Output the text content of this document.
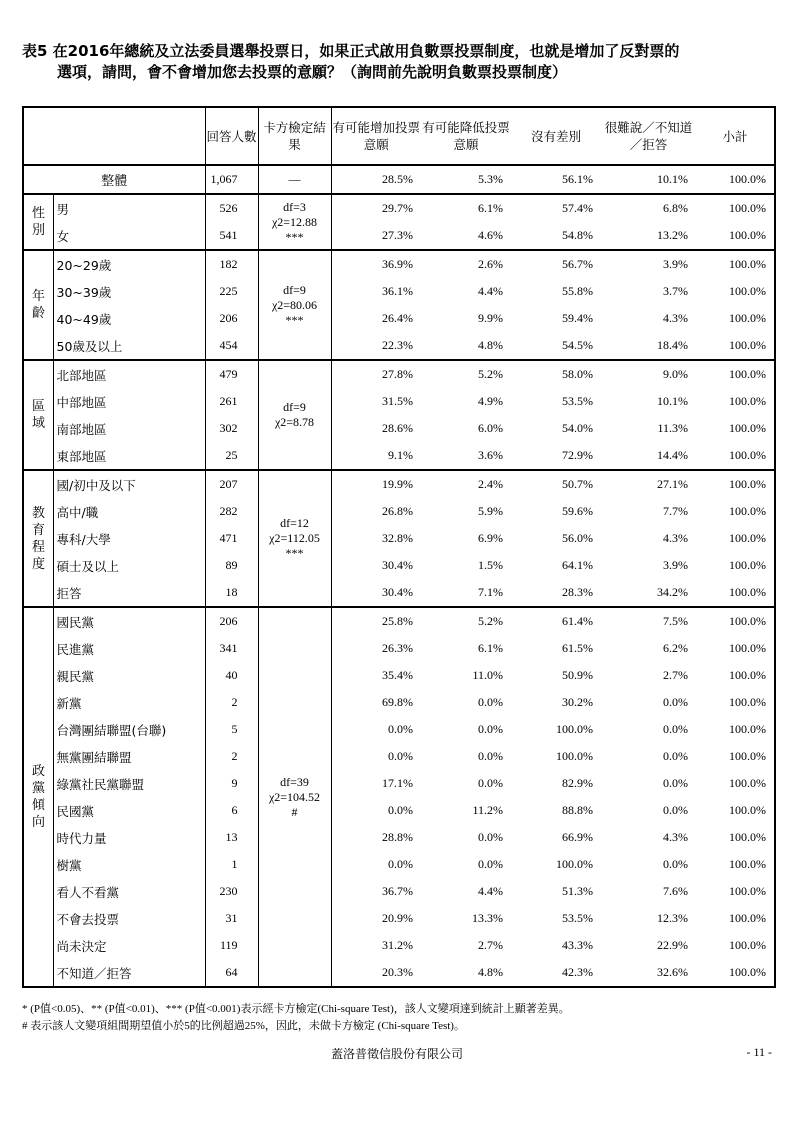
表5 在2016年總統及立法委員選舉投票日，如果正式啟用負數票投票制度，也就是增加了反對票的
選項，請問，會不會增加您去投票的意願？（詢問前先說明負數票投票制度）
		回答人數	卡方檢定結果	有可能增加投票意願	有可能降低投票意願	沒有差別	很難說／不知道／拒答	小計
整體		1,067	—	28.5%	5.3%	56.1%	10.1%	100.0%
性別	男	526	df=3
χ2=12.88
***	29.7%	6.1%	57.4%	6.8%	100.0%
	女	541		27.3%	4.6%	54.8%	13.2%	100.0%
年齡	20~29歲	182	df=9
χ2=80.06
***	36.9%	2.6%	56.7%	3.9%	100.0%
	30~39歲	225		36.1%	4.4%	55.8%	3.7%	100.0%
	40~49歲	206		26.4%	9.9%	59.4%	4.3%	100.0%
	50歲及以上	454		22.3%	4.8%	54.5%	18.4%	100.0%
區域	北部地區	479	df=9
χ2=8.78	27.8%	5.2%	58.0%	9.0%	100.0%
	中部地區	261		31.5%	4.9%	53.5%	10.1%	100.0%
	南部地區	302		28.6%	6.0%	54.0%	11.3%	100.0%
	東部地區	25		9.1%	3.6%	72.9%	14.4%	100.0%
教育程度	國/初中及以下	207	df=12
χ2=112.05
***	19.9%	2.4%	50.7%	27.1%	100.0%
	高中/職	282		26.8%	5.9%	59.6%	7.7%	100.0%
	專科/大學	471		32.8%	6.9%	56.0%	4.3%	100.0%
	碩士及以上	89		30.4%	1.5%	64.1%	3.9%	100.0%
	拒答	18		30.4%	7.1%	28.3%	34.2%	100.0%
政黨傾向	國民黨	206	df=39
χ2=104.52
#	25.8%	5.2%	61.4%	7.5%	100.0%
	民進黨	341		26.3%	6.1%	61.5%	6.2%	100.0%
	親民黨	40		35.4%	11.0%	50.9%	2.7%	100.0%
	新黨	2		69.8%	0.0%	30.2%	0.0%	100.0%
	台灣團結聯盟(台聯)	5		0.0%	0.0%	100.0%	0.0%	100.0%
	無黨團結聯盟	2		0.0%	0.0%	100.0%	0.0%	100.0%
	綠黨社民黨聯盟	9		17.1%	0.0%	82.9%	0.0%	100.0%
	民國黨	6		0.0%	11.2%	88.8%	0.0%	100.0%
	時代力量	13		28.8%	0.0%	66.9%	4.3%	100.0%
	樹黨	1		0.0%	0.0%	100.0%	0.0%	100.0%
	看人不看黨	230		36.7%	4.4%	51.3%	7.6%	100.0%
	不會去投票	31		20.9%	13.3%	53.5%	12.3%	100.0%
	尚未決定	119		31.2%	2.7%	43.3%	22.9%	100.0%
	不知道／拒答	64		20.3%	4.8%	42.3%	32.6%	100.0%
* (P值<0.05)、** (P值<0.01)、*** (P值<0.001)表示經卡方檢定(Chi-square Test)，該人文變項達到統計上顯著差異。
# 表示該人文變項組間期望值小於5的比例超過25%，因此，未做卡方檢定 (Chi-square Test)。
蓋洛普徵信股份有限公司	- 11 -
